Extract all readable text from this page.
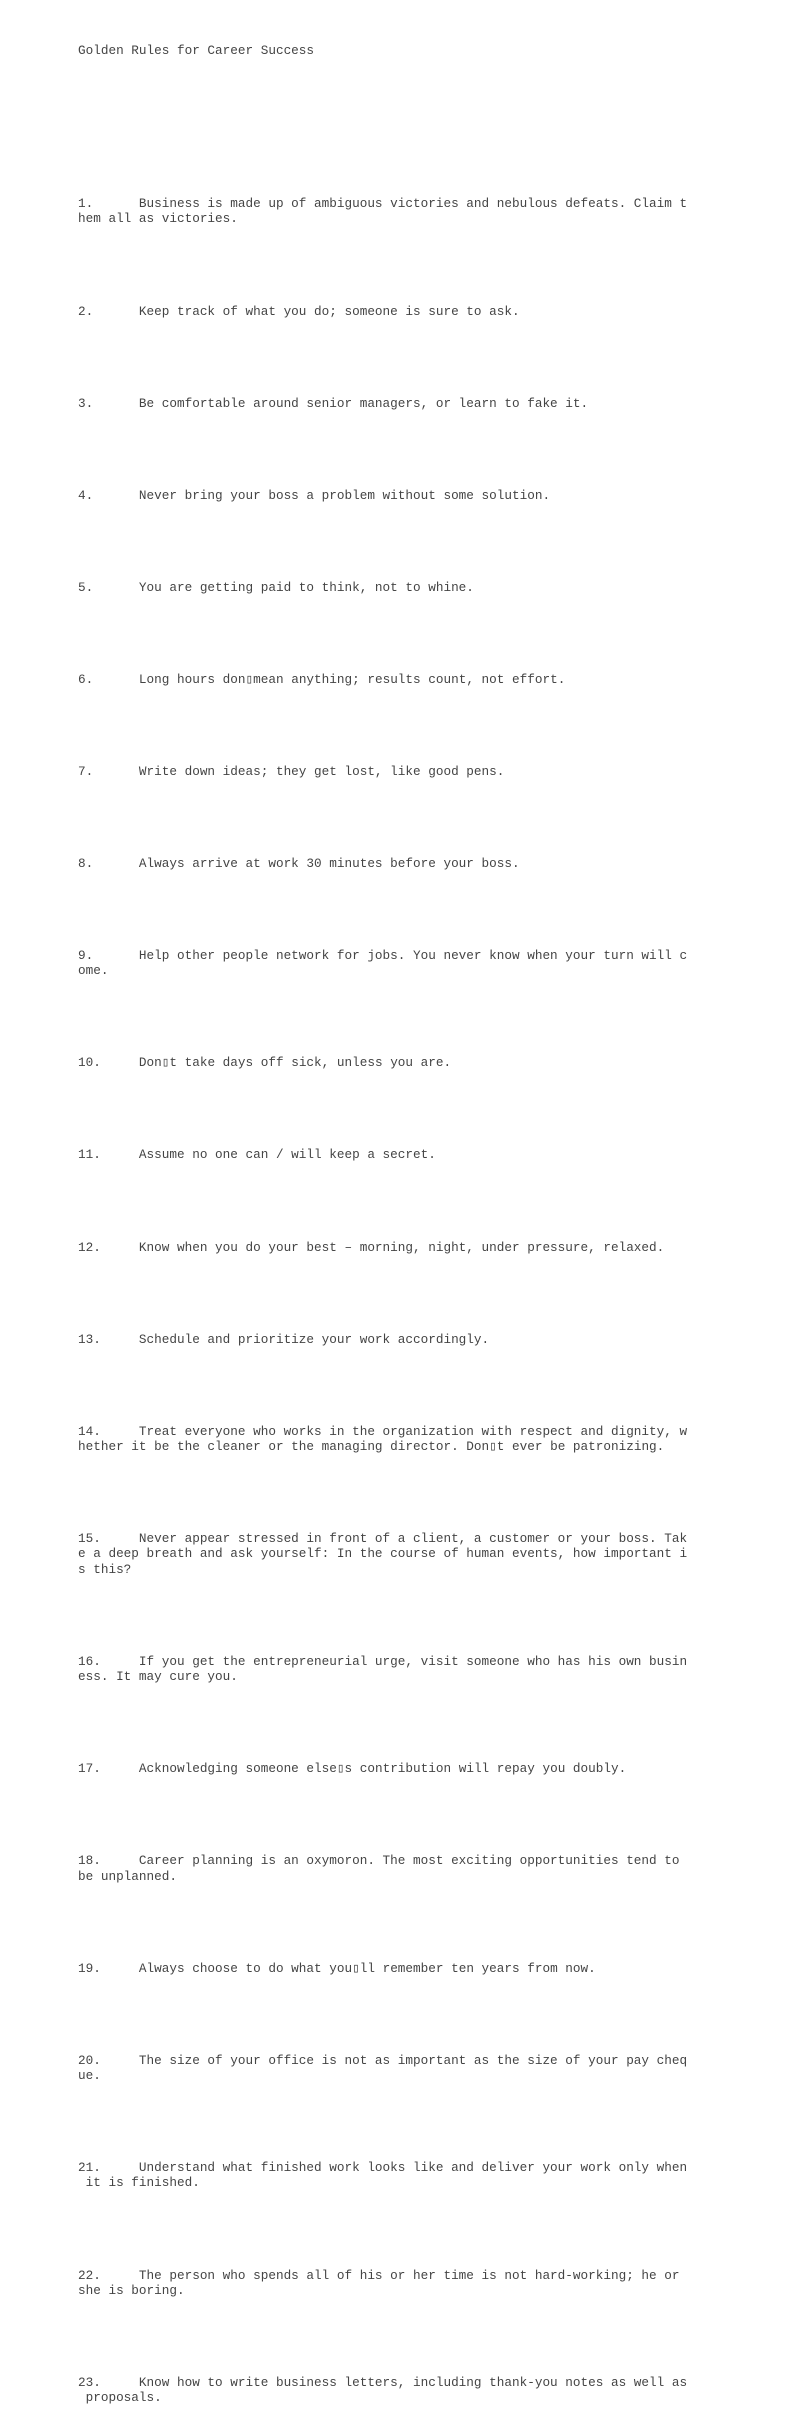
Golden Rules for Career Success

1.      Business is made up of ambiguous victories and nebulous defeats. Claim t
hem all as victories.

2.      Keep track of what you do; someone is sure to ask.

3.      Be comfortable around senior managers, or learn to fake it.

4.      Never bring your boss a problem without some solution.

5.      You are getting paid to think, not to whine.

6.      Long hours don▯mean anything; results count, not effort.

7.      Write down ideas; they get lost, like good pens.

8.      Always arrive at work 30 minutes before your boss.

9.      Help other people network for jobs. You never know when your turn will c
ome.

10.     Don▯t take days off sick, unless you are.

11.     Assume no one can / will keep a secret.

12.     Know when you do your best – morning, night, under pressure, relaxed.

13.     Schedule and prioritize your work accordingly.

14.     Treat everyone who works in the organization with respect and dignity, w
hether it be the cleaner or the managing director. Don▯t ever be patronizing.

15.     Never appear stressed in front of a client, a customer or your boss. Tak
e a deep breath and ask yourself: In the course of human events, how important i
s this?

16.     If you get the entrepreneurial urge, visit someone who has his own busin
ess. It may cure you.

17.     Acknowledging someone else▯s contribution will repay you doubly.

18.     Career planning is an oxymoron. The most exciting opportunities tend to
be unplanned.

19.     Always choose to do what you▯ll remember ten years from now.

20.     The size of your office is not as important as the size of your pay cheq
ue.

21.     Understand what finished work looks like and deliver your work only when
it is finished.

22.     The person who spends all of his or her time is not hard-working; he or
she is boring.

23.     Know how to write business letters, including thank-you notes as well as
proposals.
